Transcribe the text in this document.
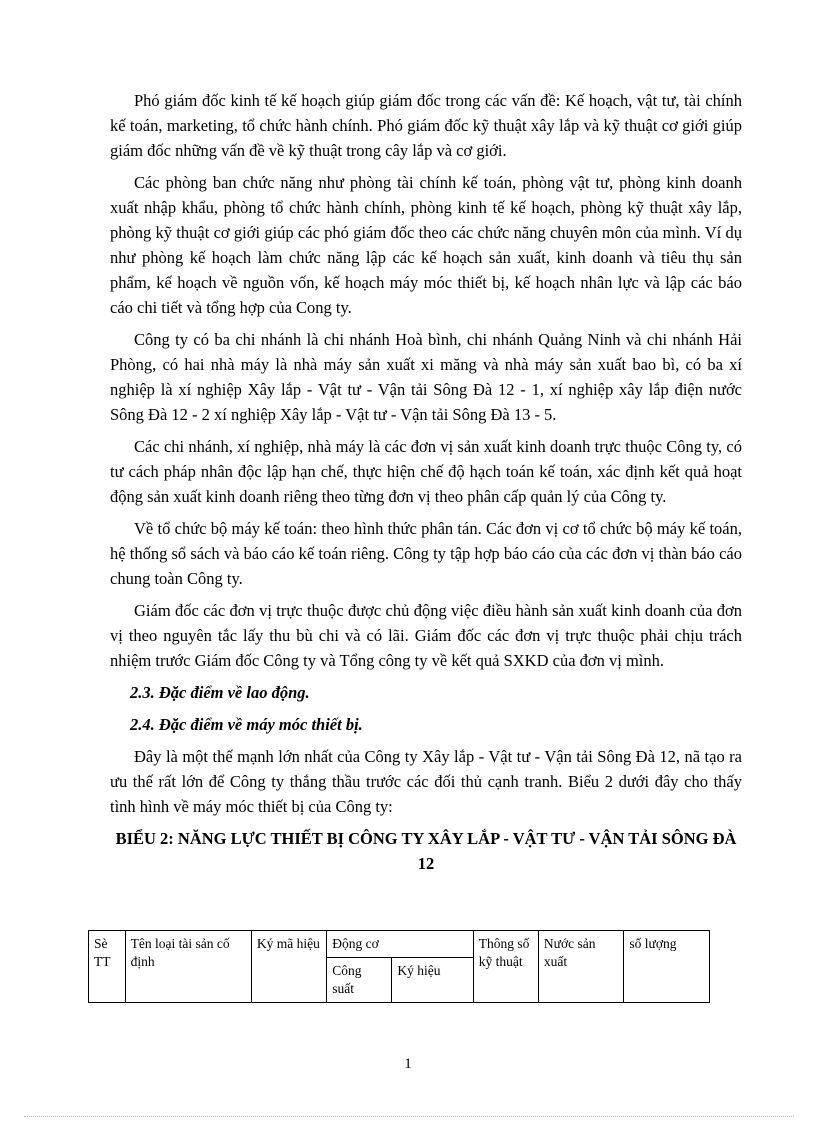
Phó giám đốc kinh tế kế hoạch giúp giám đốc trong các vấn đề: Kế hoạch, vật tư, tài chính kế toán, marketing, tổ chức hành chính. Phó giám đốc kỹ thuật xây lắp và kỹ thuật cơ giới giúp giám đốc những vấn đề về kỹ thuật trong cây lắp và cơ giới.

Các phòng ban chức năng như phòng tài chính kế toán, phòng vật tư, phòng kinh doanh xuất nhập khẩu, phòng tổ chức hành chính, phòng kinh tế kế hoạch, phòng kỹ thuật xây lắp, phòng kỹ thuật cơ giới giúp các phó giám đốc theo các chức năng chuyên môn của mình. Ví dụ như phòng kế hoạch làm chức năng lập các kế hoạch sản xuất, kinh doanh và tiêu thụ sản phẩm, kế hoạch về nguồn vốn, kế hoạch máy móc thiết bị, kế hoạch nhân lực và lập các báo cáo chi tiết và tổng hợp của Cong ty.

Công ty có ba chi nhánh là chi nhánh Hoà bình, chi nhánh Quảng Ninh và chi nhánh Hải Phòng, có hai nhà máy là nhà máy sản xuất xi măng và nhà máy sản xuất bao bì, có ba xí nghiệp là xí nghiệp Xây lắp - Vật tư - Vận tải Sông Đà 12 - 1, xí nghiệp xây lắp điện nước Sông Đà 12 - 2 xí nghiệp Xây lắp - Vật tư - Vận tải Sông Đà 13 - 5.

Các chi nhánh, xí nghiệp, nhà máy là các đơn vị sản xuất kinh doanh trực thuộc Công ty, có tư cách pháp nhân độc lập hạn chế, thực hiện chế độ hạch toán kế toán, xác định kết quả hoạt động sản xuất kinh doanh riêng theo từng đơn vị theo phân cấp quản lý của Công ty.

Về tổ chức bộ máy kế toán: theo hình thức phân tán. Các đơn vị cơ tổ chức bộ máy kế toán, hệ thống sổ sách và báo cáo kế toán riêng. Công ty tập hợp báo cáo của các đơn vị thàn báo cáo chung toàn Công ty.

Giám đốc các đơn vị trực thuộc được chủ động việc điều hành sản xuất kinh doanh của đơn vị theo nguyên tắc lấy thu bù chi và có lãi. Giám đốc các đơn vị trực thuộc phải chịu trách nhiệm trước Giám đốc Công ty và Tổng công ty về kết quả SXKD của đơn vị mình.

2.3. Đặc điểm về lao động.

2.4. Đặc điểm về máy móc thiết bị.

Đây là một thế mạnh lớn nhất của Công ty Xây lắp - Vật tư - Vận tải Sông Đà 12, nã tạo ra ưu thế rất lớn để Công ty thắng thầu trước các đối thủ cạnh tranh. Biểu 2 dưới đây cho thấy tình hình về máy móc thiết bị của Công ty:

BIỂU 2: NĂNG LỰC THIẾT BỊ CÔNG TY XÂY LẮP - VẬT TƯ - VẬN TẢI SÔNG ĐÀ 12

Sè TT	Tên loại tài sản cố định	Ký mã hiệu	Động cơ		Thông số kỹ thuật	Nước sản xuất	số lượng
			Công suất	Ký hiệu			
1
